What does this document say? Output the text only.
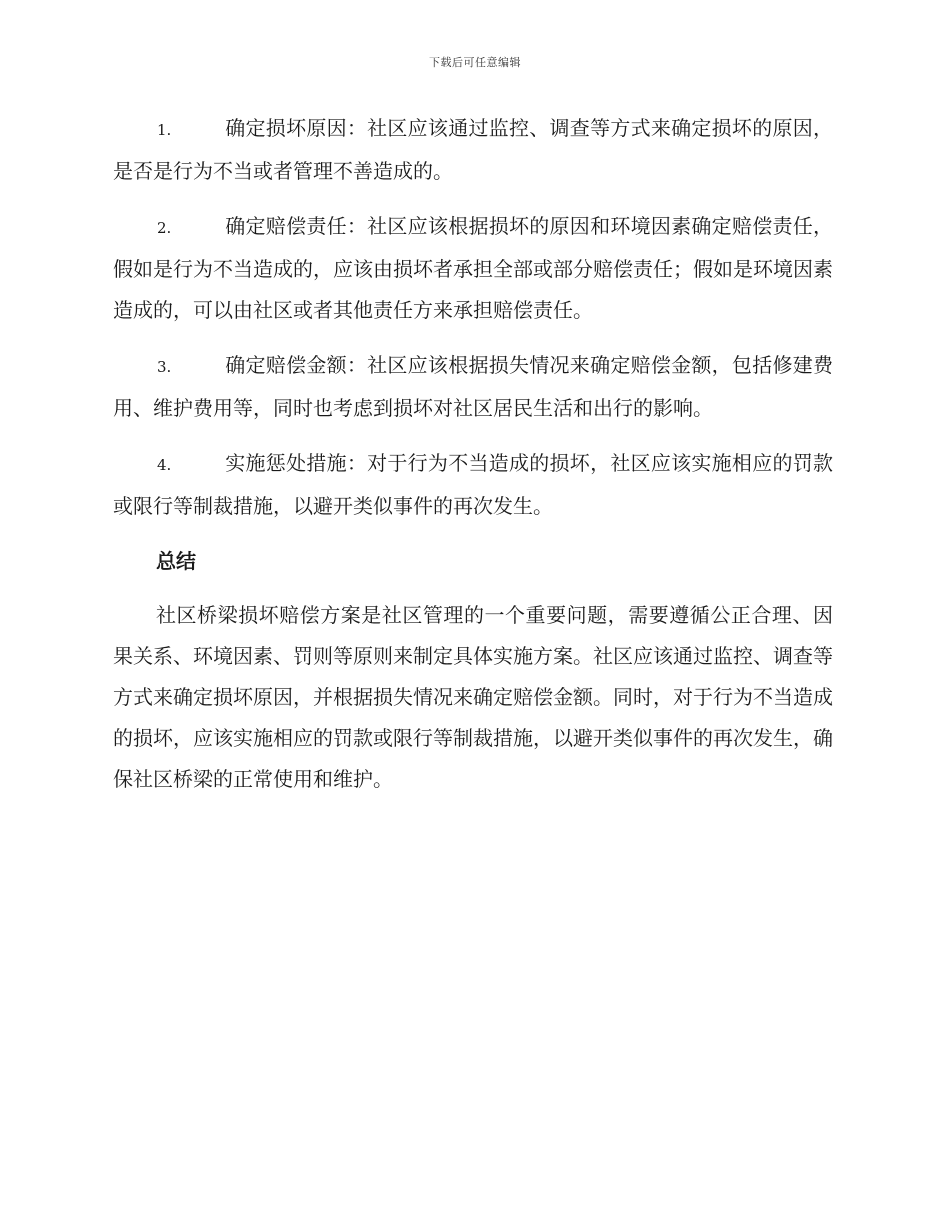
下载后可任意编辑

1.	确定损坏原因：社区应该通过监控、调查等方式来确定损坏的原因，是否是行为不当或者管理不善造成的。

2.	确定赔偿责任：社区应该根据损坏的原因和环境因素确定赔偿责任，假如是行为不当造成的，应该由损坏者承担全部或部分赔偿责任；假如是环境因素造成的，可以由社区或者其他责任方来承担赔偿责任。

3.	确定赔偿金额：社区应该根据损失情况来确定赔偿金额，包括修建费用、维护费用等，同时也考虑到损坏对社区居民生活和出行的影响。

4.	实施惩处措施：对于行为不当造成的损坏，社区应该实施相应的罚款或限行等制裁措施，以避开类似事件的再次发生。

总结

社区桥梁损坏赔偿方案是社区管理的一个重要问题，需要遵循公正合理、因果关系、环境因素、罚则等原则来制定具体实施方案。社区应该通过监控、调查等方式来确定损坏原因，并根据损失情况来确定赔偿金额。同时，对于行为不当造成的损坏，应该实施相应的罚款或限行等制裁措施，以避开类似事件的再次发生，确保社区桥梁的正常使用和维护。
